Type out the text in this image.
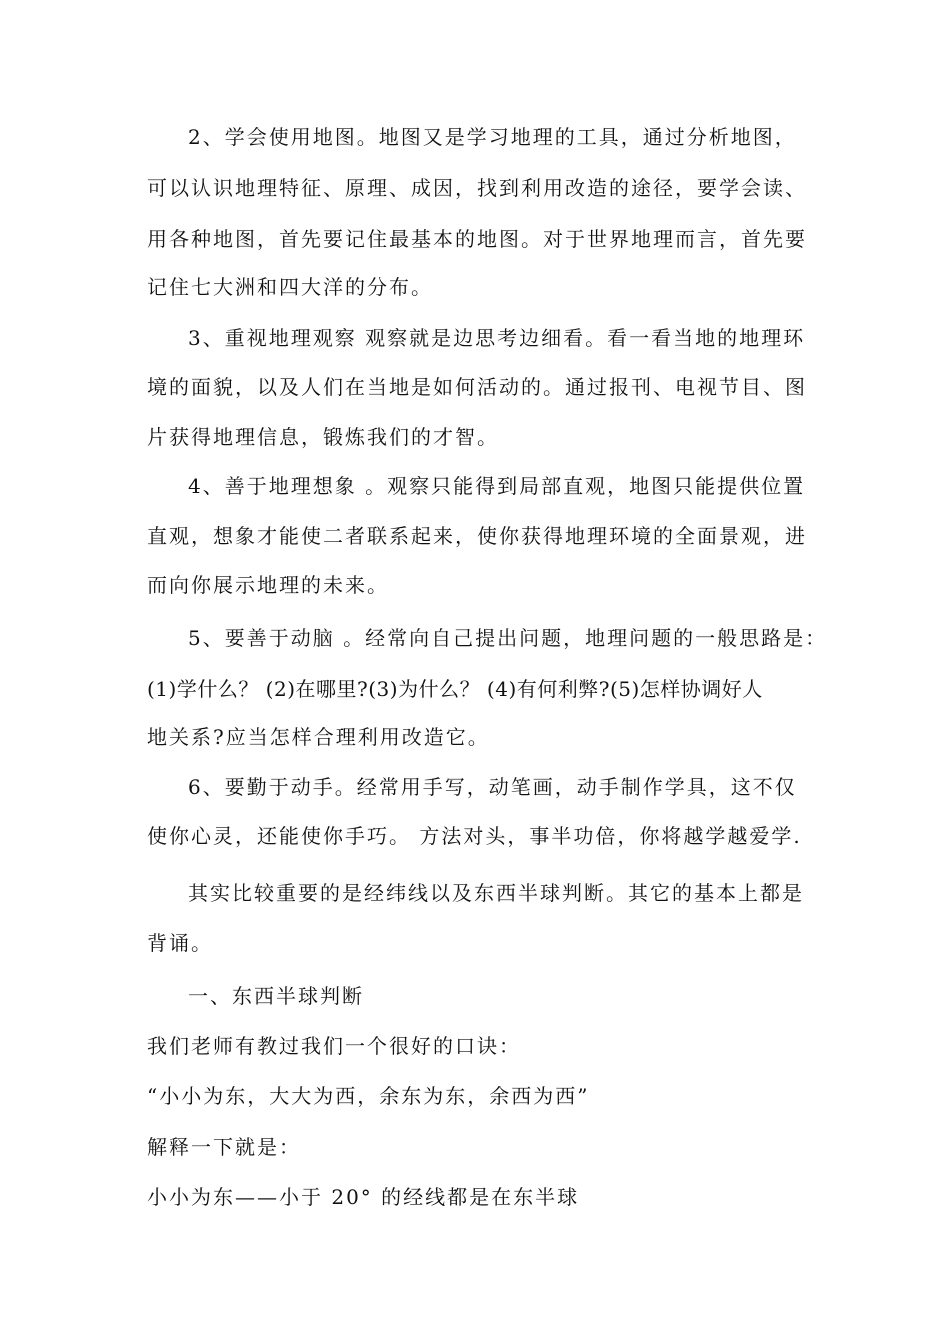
2、学会使用地图。地图又是学习地理的工具，通过分析地图，
可以认识地理特征、原理、成因，找到利用改造的途径，要学会读、
用各种地图，首先要记住最基本的地图。对于世界地理而言，首先要
记住七大洲和四大洋的分布。
3、重视地理观察 观察就是边思考边细看。看一看当地的地理环
境的面貌，以及人们在当地是如何活动的。通过报刊、电视节目、图
片获得地理信息，锻炼我们的才智。
4、善于地理想象 。观察只能得到局部直观，地图只能提供位置
直观，想象才能使二者联系起来，使你获得地理环境的全面景观，进
而向你展示地理的未来。
5、要善于动脑 。经常向自己提出问题，地理问题的一般思路是：
(1)学什么？ (2)在哪里?(3)为什么？ (4)有何利弊?(5)怎样协调好人
地关系?应当怎样合理利用改造它。
6、要勤于动手。经常用手写，动笔画，动手制作学具，这不仅
使你心灵，还能使你手巧。 方法对头，事半功倍，你将越学越爱学.
其实比较重要的是经纬线以及东西半球判断。其它的基本上都是
背诵。
一、东西半球判断
我们老师有教过我们一个很好的口诀：
“小小为东，大大为西，余东为东，余西为西”
解释一下就是：
小小为东——小于 20° 的经线都是在东半球
